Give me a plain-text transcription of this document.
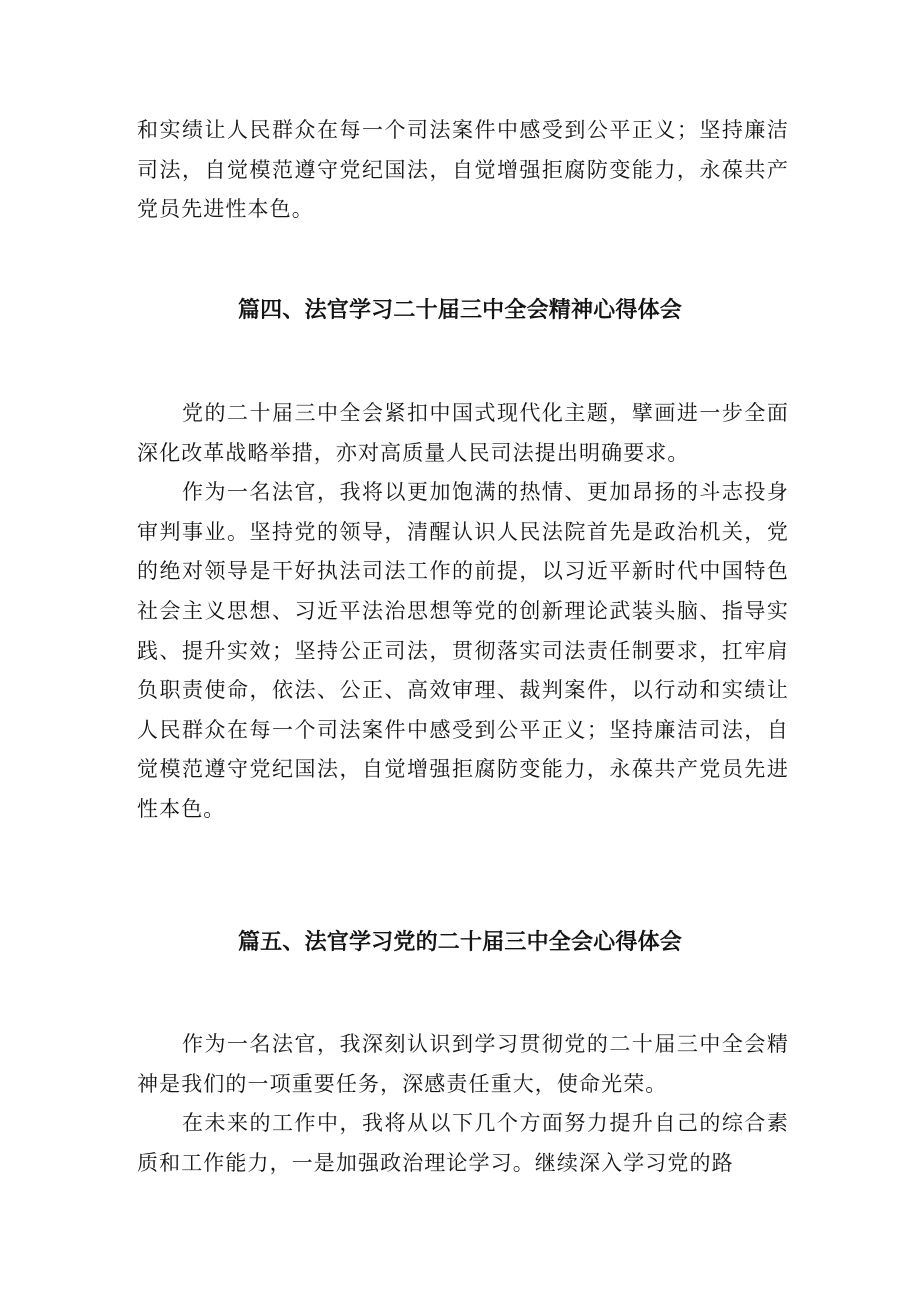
和实绩让人民群众在每一个司法案件中感受到公平正义；坚持廉洁司法，自觉模范遵守党纪国法，自觉增强拒腐防变能力，永葆共产党员先进性本色。

篇四、法官学习二十届三中全会精神心得体会

党的二十届三中全会紧扣中国式现代化主题，擘画进一步全面深化改革战略举措，亦对高质量人民司法提出明确要求。

作为一名法官，我将以更加饱满的热情、更加昂扬的斗志投身审判事业。坚持党的领导，清醒认识人民法院首先是政治机关，党的绝对领导是干好执法司法工作的前提，以习近平新时代中国特色社会主义思想、习近平法治思想等党的创新理论武装头脑、指导实践、提升实效；坚持公正司法，贯彻落实司法责任制要求，扛牢肩负职责使命，依法、公正、高效审理、裁判案件，以行动和实绩让人民群众在每一个司法案件中感受到公平正义；坚持廉洁司法，自觉模范遵守党纪国法，自觉增强拒腐防变能力，永葆共产党员先进性本色。

篇五、法官学习党的二十届三中全会心得体会

作为一名法官，我深刻认识到学习贯彻党的二十届三中全会精神是我们的一项重要任务，深感责任重大，使命光荣。

在未来的工作中，我将从以下几个方面努力提升自己的综合素质和工作能力，一是加强政治理论学习。继续深入学习党的路
